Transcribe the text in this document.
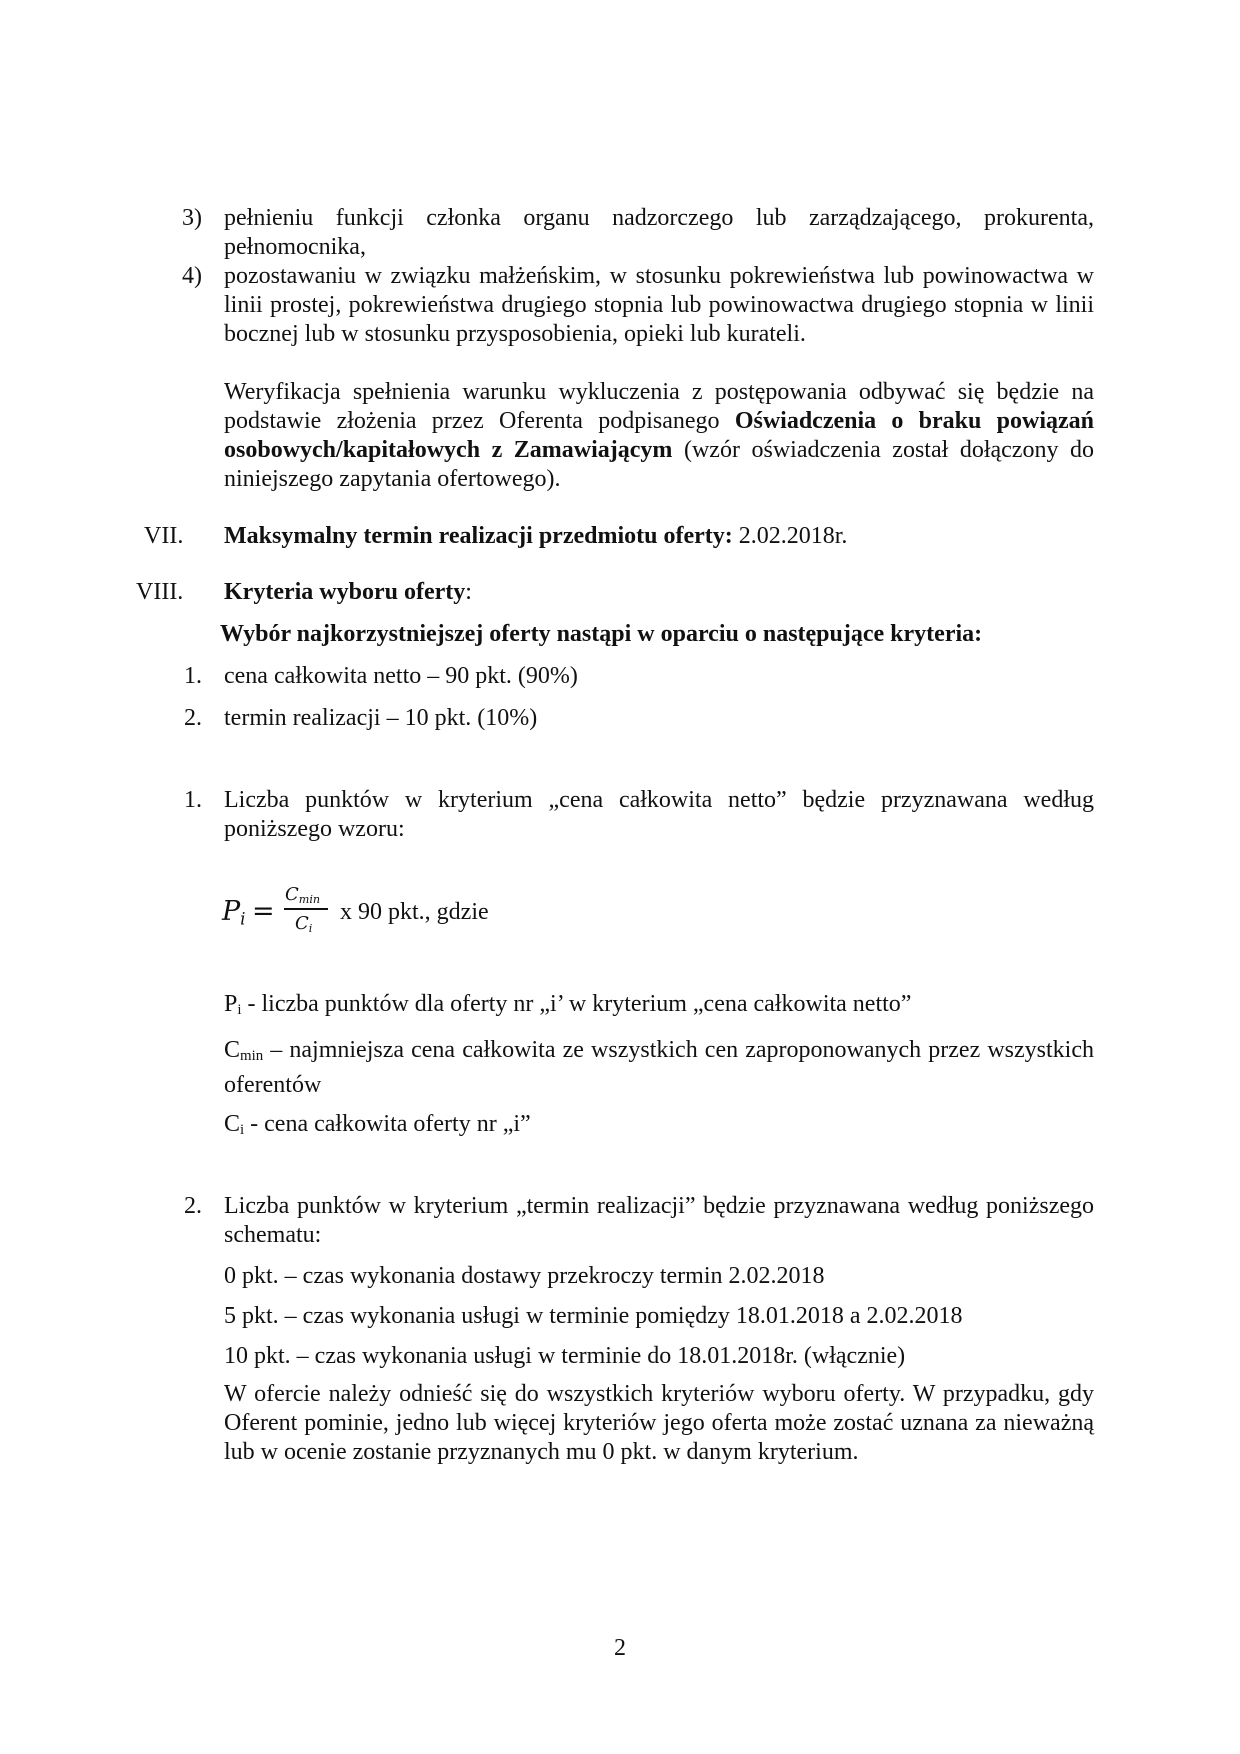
3) pełnieniu funkcji członka organu nadzorczego lub zarządzającego, prokurenta, pełnomocnika,
4) pozostawaniu w związku małżeńskim, w stosunku pokrewieństwa lub powinowactwa w linii prostej, pokrewieństwa drugiego stopnia lub powinowactwa drugiego stopnia w linii bocznej lub w stosunku przysposobienia, opieki lub kurateli.
Weryfikacja spełnienia warunku wykluczenia z postępowania odbywać się będzie na podstawie złożenia przez Oferenta podpisanego Oświadczenia o braku powiązań osobowych/kapitałowych z Zamawiającym (wzór oświadczenia został dołączony do niniejszego zapytania ofertowego).
VII. Maksymalny termin realizacji przedmiotu oferty: 2.02.2018r.
VIII. Kryteria wyboru oferty:
Wybór najkorzystniejszej oferty nastąpi w oparciu o następujące kryteria:
1. cena całkowita netto – 90 pkt. (90%)
2. termin realizacji – 10 pkt. (10%)
1. Liczba punktów w kryterium „cena całkowita netto” będzie przyznawana według poniższego wzoru:
$P_i$ =
$C_{min}$
$C_i$
x 90 pkt., gdzie
Pi - liczba punktów dla oferty nr „i’ w kryterium „cena całkowita netto”
Cmin – najmniejsza cena całkowita ze wszystkich cen zaproponowanych przez wszystkich oferentów
Ci - cena całkowita oferty nr „i”
2. Liczba punktów w kryterium „termin realizacji” będzie przyznawana według poniższego schematu:
0 pkt. – czas wykonania dostawy przekroczy termin 2.02.2018
5 pkt. – czas wykonania usługi w terminie pomiędzy 18.01.2018 a 2.02.2018
10 pkt. – czas wykonania usługi w terminie do 18.01.2018r. (włącznie)
W ofercie należy odnieść się do wszystkich kryteriów wyboru oferty. W przypadku, gdy Oferent pominie, jedno lub więcej kryteriów jego oferta może zostać uznana za nieważną lub w ocenie zostanie przyznanych mu 0 pkt. w danym kryterium.
2
